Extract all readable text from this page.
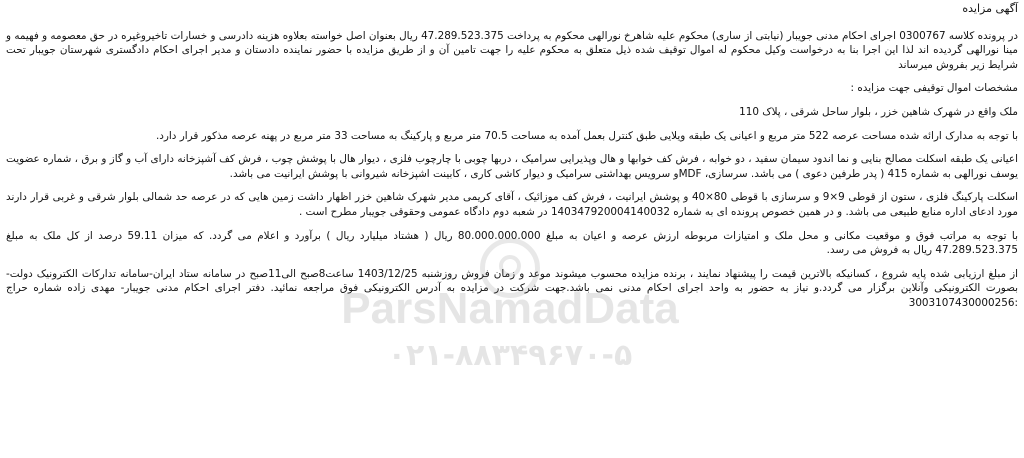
آگهی مزایده

در پرونده کلاسه 0300767 اجرای احکام مدنی جویبار (نیابتی از ساری) محکوم علیه شاهرخ نورالهی محکوم به پرداخت 47.289.523.375 ریال بعنوان اصل خواسته بعلاوه هزینه دادرسی و خسارات تاخیروغیره در حق معصومه و فهیمه و مینا نورالهی گردیده اند لذا این اجرا بنا به درخواست وکیل محکوم له اموال توقیف شده ذیل متعلق به محکوم علیه را جهت تامین آن و از طریق مزایده با حضور نماینده دادستان و مدیر اجرای احکام دادگستری شهرستان جویبار تحت شرایط زیر بفروش میرساند

مشخصات اموال توقیفی جهت مزایده :

ملک واقع در شهرک شاهین خزر ، بلوار ساحل شرقی ، پلاک 110

با توجه به مدارک ارائه شده مساحت عرصه 522 متر مربع و اعیانی یک طبقه ویلایی طبق کنترل بعمل آمده به مساحت 70.5 متر مربع و پارکینگ به مساحت 33 متر مربع در پهنه عرصه مذکور قرار دارد.

اعیانی یک طبقه اسکلت مصالح بنایی و نما اندود سیمان سفید ، دو خوابه ، فرش کف خوابها و هال وپذیرایی سرامیک ، دربها چوبی با چارچوب فلزی ، دیوار هال با پوشش چوب ، فرش کف آشپزخانه دارای آب و گاز و برق ، شماره عضویت یوسف نورالهی به شماره 415 ( پدر طرفین دعوی ) می باشد. سرسازی، MDFو سرویس بهداشتی سرامیک و دیوار کاشی کاری ، کابینت اشپزخانه شیروانی با پوشش ایرانیت می باشد.

اسکلت پارکینگ فلزی ، ستون از قوطی 9×9 و سرسازی با قوطی 80×40 و پوشش ایرانیت ، فرش کف موزائیک ، آقای کریمی مدیر شهرک شاهین خزر اظهار داشت زمین هایی که در عرصه حد شمالی بلوار شرقی و غربی قرار دارند مورد ادعای اداره منابع طبیعی می باشد. و در همین خصوص پرونده ای به شماره 140347920004140032 در شعبه دوم دادگاه عمومی وحقوقی جویبار مطرح است .

با توجه به مراتب فوق و موقعیت مکانی و محل ملک و امتیازات مربوطه ارزش عرصه و اعیان به مبلغ 80.000.000.000 ریال ( هشتاد میلیارد ریال ) برآورد و اعلام می گردد. که میزان 59.11 درصد از کل ملک به مبلغ 47.289.523.375 ریال به فروش می رسد.

از مبلغ ارزیابی شده پایه شروع ، کسانیکه بالاترین قیمت را پیشنهاد نمایند ، برنده مزایده محسوب میشوند موعد و زمان فروش روزشنبه 1403/12/25 ساعت8صبح الی11صبح در سامانه ستاد ایران-سامانه تدارکات الکترونیک دولت-بصورت الکترونیکی وآنلاین برگزار می گردد.و نیاز به حضور به واحد اجرای احکام مدنی نمی باشد.جهت شرکت در مزایده به آدرس الکترونیکی فوق مراجعه نمائید. دفتر اجرای احکام مدنی جویبار- مهدی زاده شماره حراج :3003107430000256

ParsNamadData
۰۲۱-۸۸۳۴۹۶۷۰-۵
